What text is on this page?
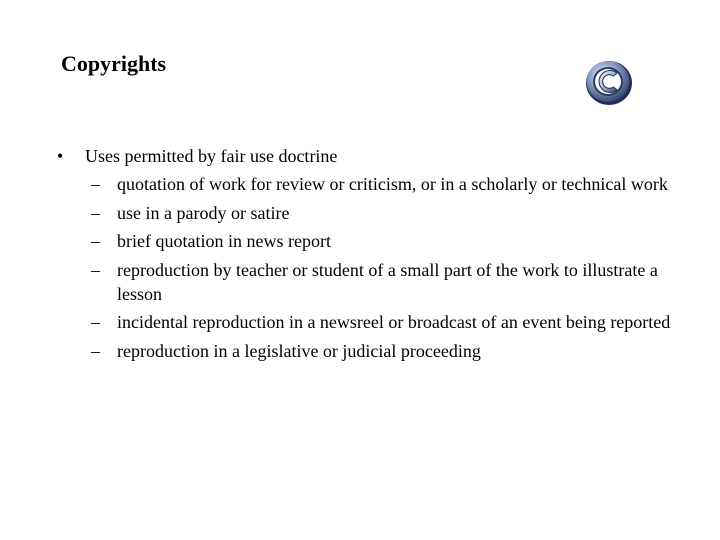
Copyrights
• Uses permitted by fair use doctrine
– quotation of work for review or criticism, or in a scholarly or technical work
– use in a parody or satire
– brief quotation in news report
– reproduction by teacher or student of a small part of the work to illustrate a lesson
– incidental reproduction in a newsreel or broadcast of an event being reported
– reproduction in a legislative or judicial proceeding
